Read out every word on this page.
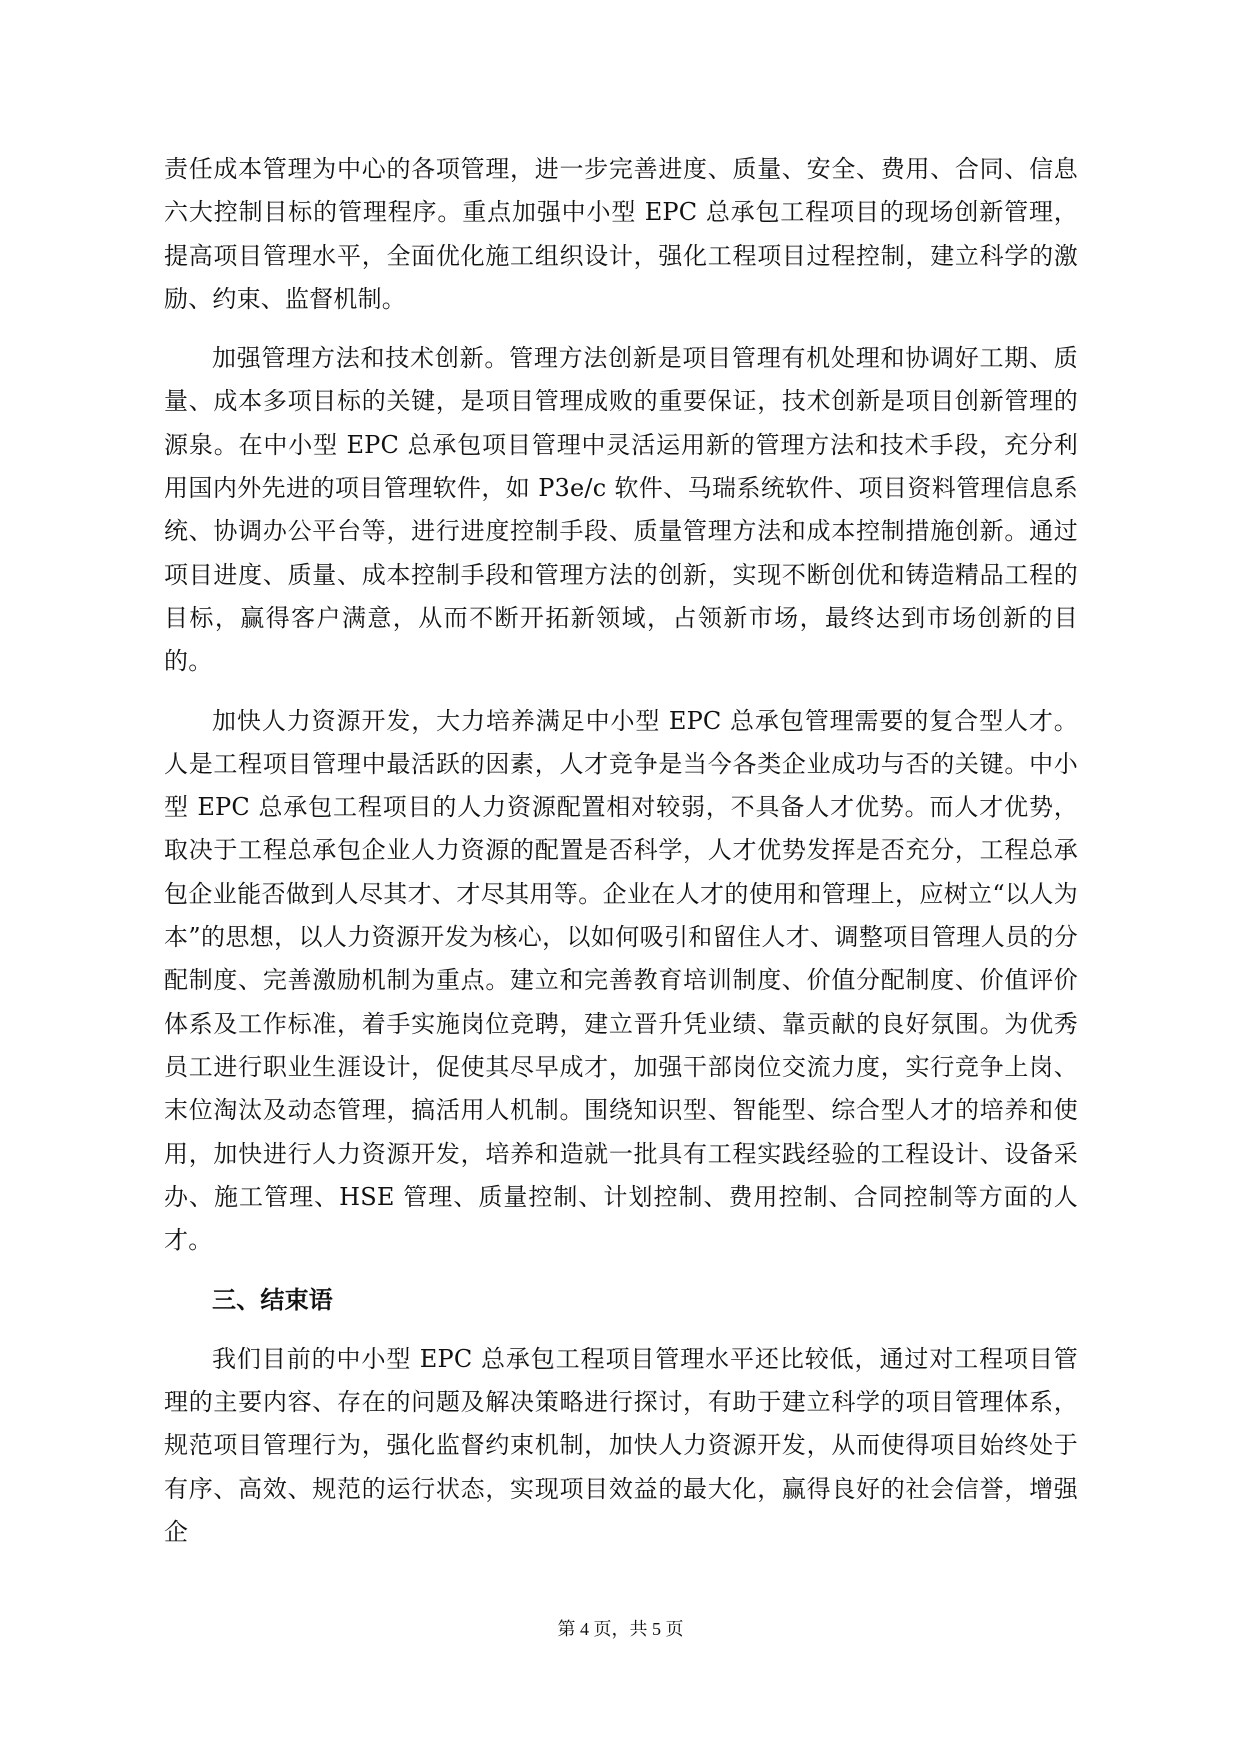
责任成本管理为中心的各项管理，进一步完善进度、质量、安全、费用、合同、信息六大控制目标的管理程序。重点加强中小型 EPC 总承包工程项目的现场创新管理，提高项目管理水平，全面优化施工组织设计，强化工程项目过程控制，建立科学的激励、约束、监督机制。

加强管理方法和技术创新。管理方法创新是项目管理有机处理和协调好工期、质量、成本多项目标的关键，是项目管理成败的重要保证，技术创新是项目创新管理的源泉。在中小型 EPC 总承包项目管理中灵活运用新的管理方法和技术手段，充分利用国内外先进的项目管理软件，如 P3e/c 软件、马瑞系统软件、项目资料管理信息系统、协调办公平台等，进行进度控制手段、质量管理方法和成本控制措施创新。通过项目进度、质量、成本控制手段和管理方法的创新，实现不断创优和铸造精品工程的目标，赢得客户满意，从而不断开拓新领域，占领新市场，最终达到市场创新的目的。

加快人力资源开发，大力培养满足中小型 EPC 总承包管理需要的复合型人才。人是工程项目管理中最活跃的因素，人才竞争是当今各类企业成功与否的关键。中小型 EPC 总承包工程项目的人力资源配置相对较弱，不具备人才优势。而人才优势，取决于工程总承包企业人力资源的配置是否科学，人才优势发挥是否充分，工程总承包企业能否做到人尽其才、才尽其用等。企业在人才的使用和管理上，应树立“以人为本”的思想，以人力资源开发为核心，以如何吸引和留住人才、调整项目管理人员的分配制度、完善激励机制为重点。建立和完善教育培训制度、价值分配制度、价值评价体系及工作标准，着手实施岗位竞聘，建立晋升凭业绩、靠贡献的良好氛围。为优秀员工进行职业生涯设计，促使其尽早成才，加强干部岗位交流力度，实行竞争上岗、末位淘汰及动态管理，搞活用人机制。围绕知识型、智能型、综合型人才的培养和使用，加快进行人力资源开发，培养和造就一批具有工程实践经验的工程设计、设备采办、施工管理、HSE 管理、质量控制、计划控制、费用控制、合同控制等方面的人才。

三、结束语

我们目前的中小型 EPC 总承包工程项目管理水平还比较低，通过对工程项目管理的主要内容、存在的问题及解决策略进行探讨，有助于建立科学的项目管理体系，规范项目管理行为，强化监督约束机制，加快人力资源开发，从而使得项目始终处于有序、高效、规范的运行状态，实现项目效益的最大化，赢得良好的社会信誉，增强企

第 4 页，共 5 页
